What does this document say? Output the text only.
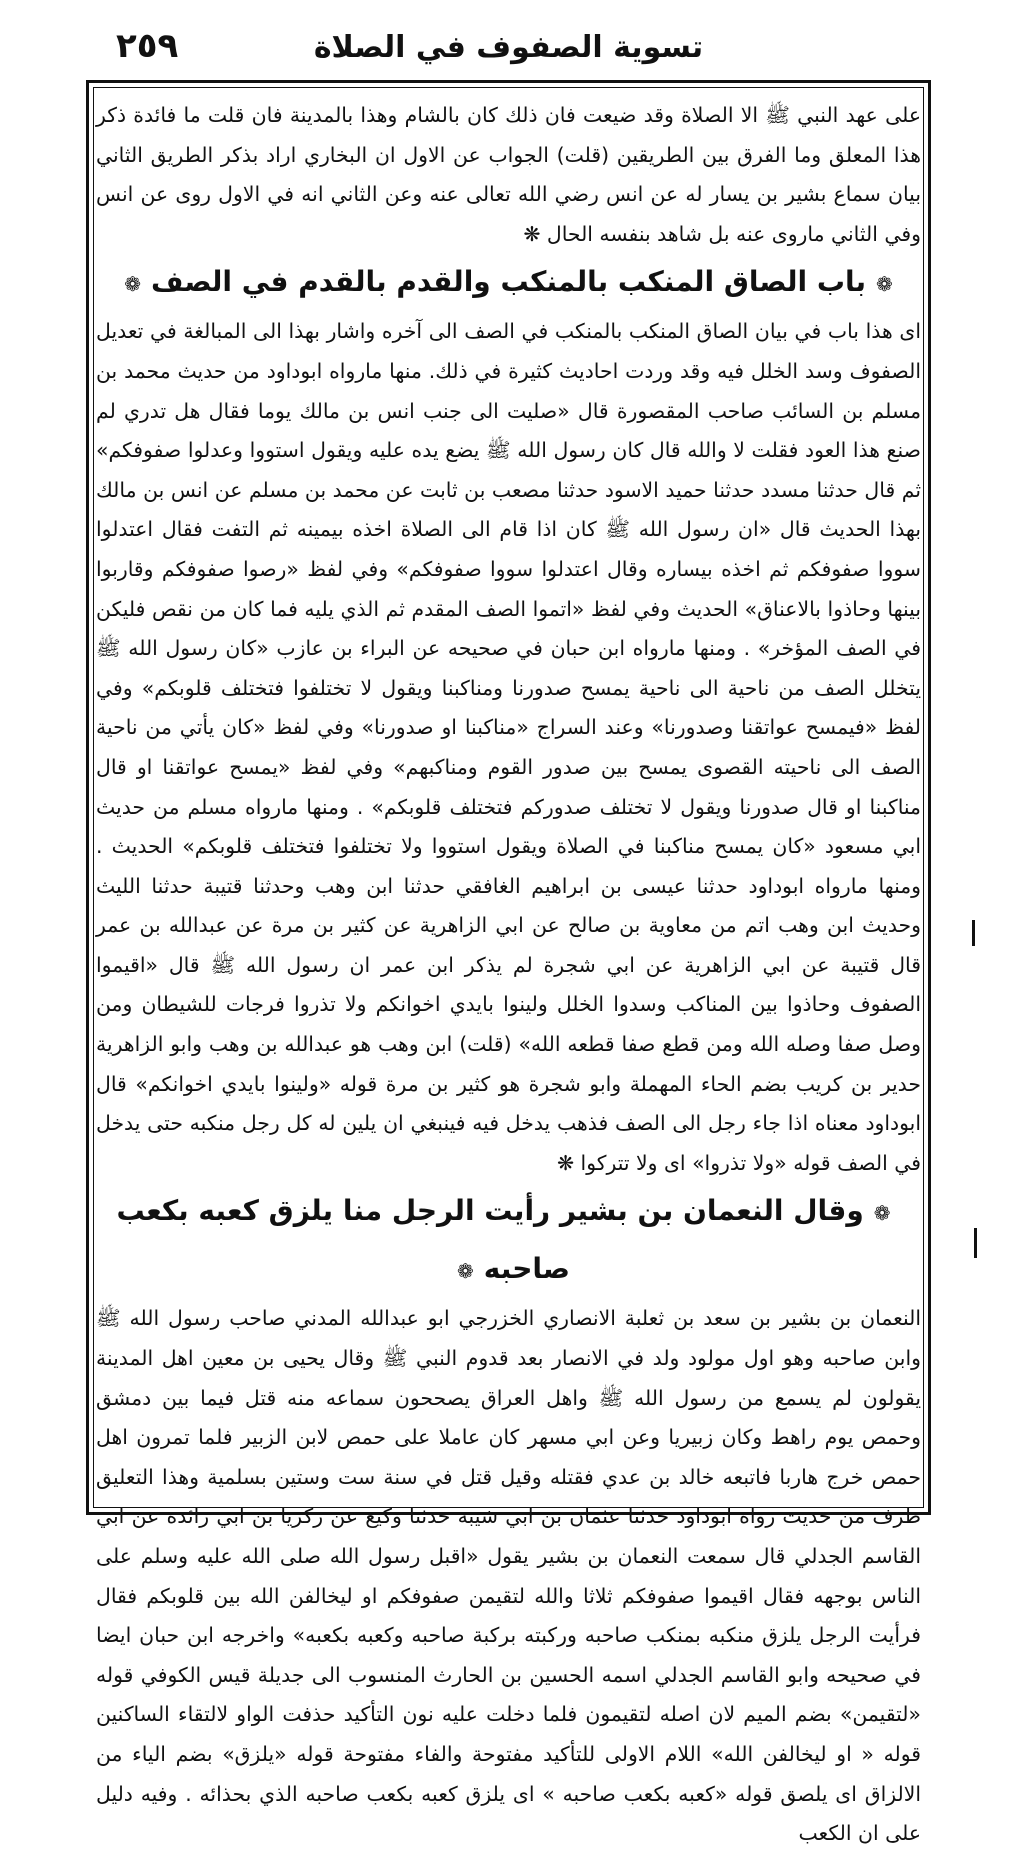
٢٥٩	تسوية الصفوف في الصلاة

على عهد النبي ﷺ الا الصلاة وقد ضيعت فان ذلك كان بالشام وهذا بالمدينة فان قلت ما فائدة ذكر هذا المعلق وما الفرق بين الطريقين (قلت) الجواب عن الاول ان البخاري اراد بذكر الطريق الثاني بيان سماع بشير بن يسار له عن انس رضي الله تعالى عنه وعن الثاني انه في الاول روى عن انس وفي الثاني ماروى عنه بل شاهد بنفسه الحال ❋

❁باب الصاق المنكب بالمنكب والقدم بالقدم في الصف❁

اى هذا باب في بيان الصاق المنكب بالمنكب في الصف الى آخره واشار بهذا الى المبالغة في تعديل الصفوف وسد الخلل فيه وقد وردت احاديث كثيرة في ذلك. منها مارواه ابوداود من حديث محمد بن مسلم بن السائب صاحب المقصورة قال «صليت الى جنب انس بن مالك يوما فقال هل تدري لم صنع هذا العود فقلت لا والله قال كان رسول الله ﷺ يضع يده عليه ويقول استووا وعدلوا صفوفكم» ثم قال حدثنا مسدد حدثنا حميد الاسود حدثنا مصعب بن ثابت عن محمد بن مسلم عن انس بن مالك بهذا الحديث قال «ان رسول الله ﷺ كان اذا قام الى الصلاة اخذه بيمينه ثم التفت فقال اعتدلوا سووا صفوفكم ثم اخذه بيساره وقال اعتدلوا سووا صفوفكم» وفي لفظ «رصوا صفوفكم وقاربوا بينها وحاذوا بالاعناق» الحديث وفي لفظ «اتموا الصف المقدم ثم الذي يليه فما كان من نقص فليكن في الصف المؤخر» . ومنها مارواه ابن حبان في صحيحه عن البراء بن عازب «كان رسول الله ﷺ يتخلل الصف من ناحية الى ناحية يمسح صدورنا ومناكبنا ويقول لا تختلفوا فتختلف قلوبكم» وفي لفظ «فيمسح عواتقنا وصدورنا» وعند السراج «مناكبنا او صدورنا» وفي لفظ «كان يأتي من ناحية الصف الى ناحيته القصوى يمسح بين صدور القوم ومناكبهم» وفي لفظ «يمسح عواتقنا او قال مناكبنا او قال صدورنا ويقول لا تختلف صدوركم فتختلف قلوبكم» . ومنها مارواه مسلم من حديث ابي مسعود «كان يمسح مناكبنا في الصلاة ويقول استووا ولا تختلفوا فتختلف قلوبكم» الحديث . ومنها مارواه ابوداود حدثنا عيسى بن ابراهيم الغافقي حدثنا ابن وهب وحدثنا قتيبة حدثنا الليث وحديث ابن وهب اتم من معاوية بن صالح عن ابي الزاهرية عن كثير بن مرة عن عبدالله بن عمر قال قتيبة عن ابي الزاهرية عن ابي شجرة لم يذكر ابن عمر ان رسول الله ﷺ قال «اقيموا الصفوف وحاذوا بين المناكب وسدوا الخلل ولينوا بايدي اخوانكم ولا تذروا فرجات للشيطان ومن وصل صفا وصله الله ومن قطع صفا قطعه الله» (قلت) ابن وهب هو عبدالله بن وهب وابو الزاهرية حدير بن كريب بضم الحاء المهملة وابو شجرة هو كثير بن مرة قوله «ولينوا بايدي اخوانكم» قال ابوداود معناه اذا جاء رجل الى الصف فذهب يدخل فيه فينبغي ان يلين له كل رجل منكبه حتى يدخل في الصف قوله «ولا تذروا» اى ولا تتركوا ❋

❁وقال النعمان بن بشير رأيت الرجل منا يلزق كعبه بكعب صاحبه❁

النعمان بن بشير بن سعد بن ثعلبة الانصاري الخزرجي ابو عبدالله المدني صاحب رسول الله ﷺ وابن صاحبه وهو اول مولود ولد في الانصار بعد قدوم النبي ﷺ وقال يحيى بن معين اهل المدينة يقولون لم يسمع من رسول الله ﷺ واهل العراق يصححون سماعه منه قتل فيما بين دمشق وحمص يوم راهط وكان زبيريا وعن ابي مسهر كان عاملا على حمص لابن الزبير فلما تمرون اهل حمص خرج هاربا فاتبعه خالد بن عدي فقتله وقيل قتل في سنة ست وستين بسلمية وهذا التعليق طرف من حديث رواه ابوداود حدثنا عثمان بن ابي شيبة حدثنا وكيع عن زكريا بن ابي زائدة عن ابي القاسم الجدلي قال سمعت النعمان بن بشير يقول «اقبل رسول الله صلى الله عليه وسلم على الناس بوجهه فقال اقيموا صفوفكم ثلاثا والله لتقيمن صفوفكم او ليخالفن الله بين قلوبكم فقال فرأيت الرجل يلزق منكبه بمنكب صاحبه وركبته بركبة صاحبه وكعبه بكعبه» واخرجه ابن حبان ايضا في صحيحه وابو القاسم الجدلي اسمه الحسين بن الحارث المنسوب الى جديلة قيس الكوفي قوله «لتقيمن» بضم الميم لان اصله لتقيمون فلما دخلت عليه نون التأكيد حذفت الواو لالتقاء الساكنين قوله « او ليخالفن الله» اللام الاولى للتأكيد مفتوحة والفاء مفتوحة قوله «يلزق» بضم الياء من الالزاق اى يلصق قوله «كعبه بكعب صاحبه » اى يلزق كعبه بكعب صاحبه الذي بحذائه . وفيه دليل على ان الكعب
